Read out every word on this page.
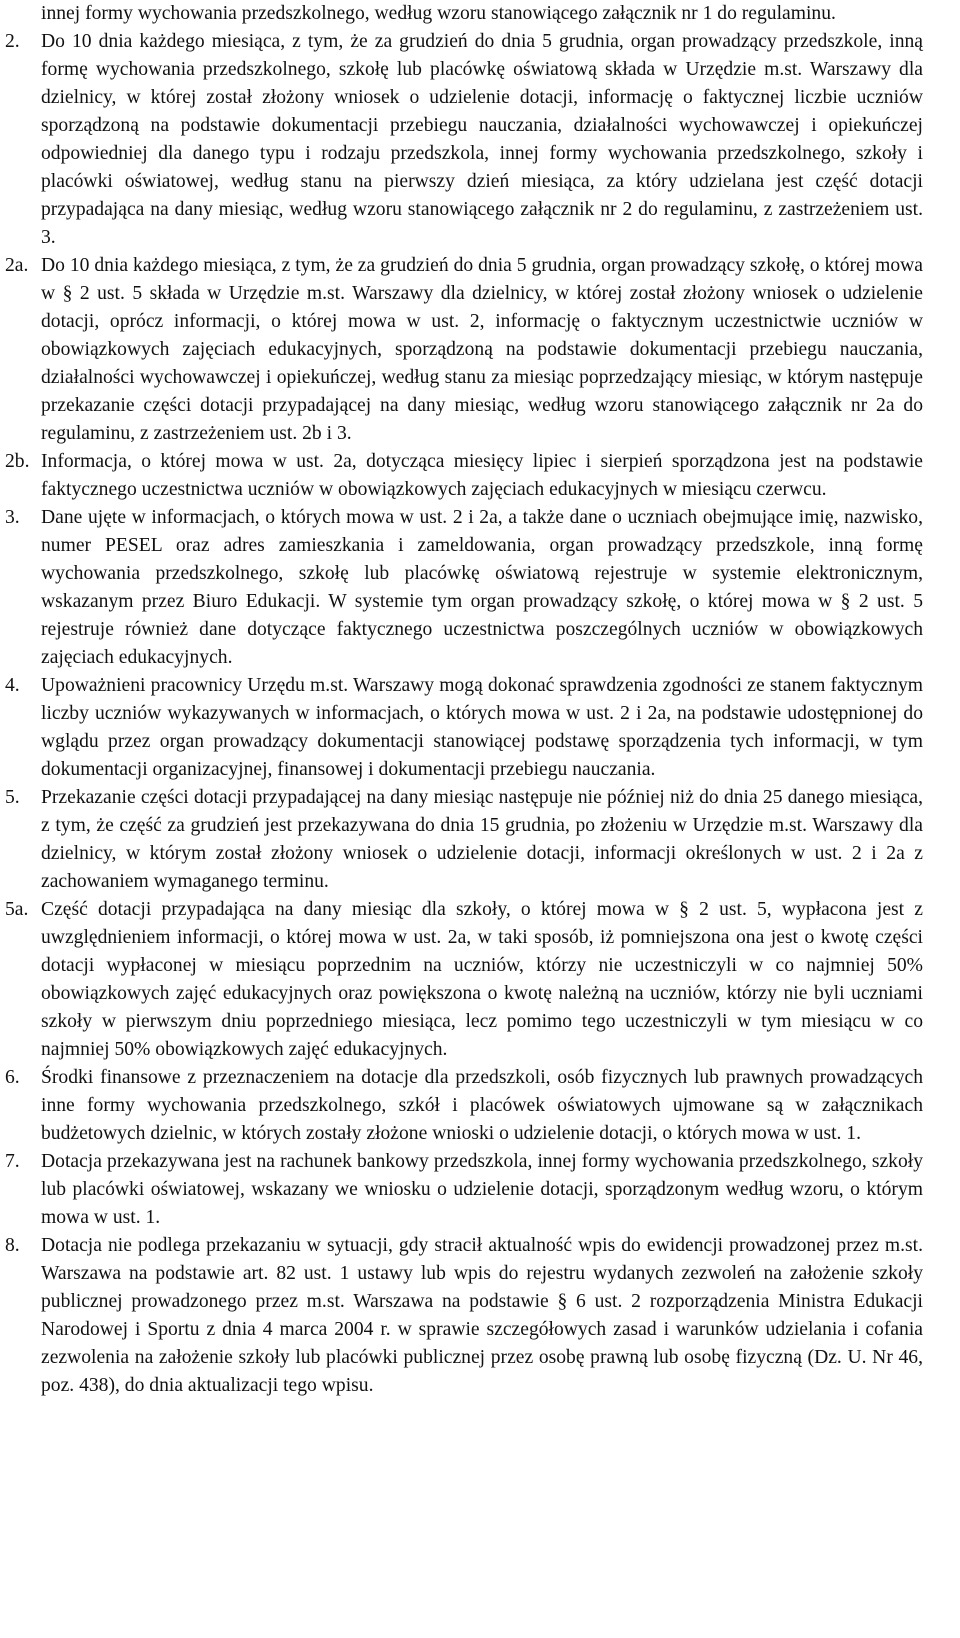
innej formy wychowania przedszkolnego, według wzoru stanowiącego załącznik nr 1 do regulaminu.
2.	Do 10 dnia każdego miesiąca, z tym, że za grudzień do dnia 5 grudnia, organ prowadzący przedszkole, inną formę wychowania przedszkolnego, szkołę lub placówkę oświatową składa w Urzędzie m.st. Warszawy dla dzielnicy, w której został złożony wniosek o udzielenie dotacji, informację o faktycznej liczbie uczniów sporządzoną na podstawie dokumentacji przebiegu nauczania, działalności wychowawczej i opiekuńczej odpowiedniej dla danego typu i rodzaju przedszkola, innej formy wychowania przedszkolnego, szkoły i placówki oświatowej, według stanu na pierwszy dzień miesiąca, za który udzielana jest część dotacji przypadająca na dany miesiąc, według wzoru stanowiącego załącznik nr 2 do regulaminu, z zastrzeżeniem ust. 3.
2a. Do 10 dnia każdego miesiąca, z tym, że za grudzień do dnia 5 grudnia, organ prowadzący szkołę, o której mowa w § 2 ust. 5 składa w Urzędzie m.st. Warszawy dla dzielnicy, w której został złożony wniosek o udzielenie dotacji, oprócz informacji, o której mowa w ust. 2, informację o faktycznym uczestnictwie uczniów w obowiązkowych zajęciach edukacyjnych, sporządzoną na podstawie dokumentacji przebiegu nauczania, działalności wychowawczej i opiekuńczej, według stanu za miesiąc poprzedzający miesiąc, w którym następuje przekazanie części dotacji przypadającej na dany miesiąc, według wzoru stanowiącego załącznik nr 2a do regulaminu, z zastrzeżeniem ust. 2b i 3.
2b. Informacja, o której mowa w ust. 2a, dotycząca miesięcy lipiec i sierpień sporządzona jest na podstawie faktycznego uczestnictwa uczniów w obowiązkowych zajęciach edukacyjnych w miesiącu czerwcu.
3.	Dane ujęte w informacjach, o których mowa w ust. 2 i 2a, a także dane o uczniach obejmujące imię, nazwisko, numer PESEL oraz adres zamieszkania i zameldowania, organ prowadzący przedszkole, inną formę wychowania przedszkolnego, szkołę lub placówkę oświatową rejestruje w systemie elektronicznym, wskazanym przez Biuro Edukacji. W systemie tym organ prowadzący szkołę, o której mowa w § 2 ust. 5 rejestruje również dane dotyczące faktycznego uczestnictwa poszczególnych uczniów w obowiązkowych zajęciach edukacyjnych.
4.	Upoważnieni pracownicy Urzędu m.st. Warszawy mogą dokonać sprawdzenia zgodności ze stanem faktycznym liczby uczniów wykazywanych w informacjach, o których mowa w ust. 2 i 2a, na podstawie udostępnionej do wglądu przez organ prowadzący dokumentacji stanowiącej podstawę sporządzenia tych informacji, w tym dokumentacji organizacyjnej, finansowej i dokumentacji przebiegu nauczania.
5.	Przekazanie części dotacji przypadającej na dany miesiąc następuje nie później niż do dnia 25 danego miesiąca, z tym, że część za grudzień jest przekazywana do dnia 15 grudnia, po złożeniu w Urzędzie m.st. Warszawy dla dzielnicy, w którym został złożony wniosek o udzielenie dotacji, informacji określonych w ust. 2 i 2a z zachowaniem wymaganego terminu.
5a. Część dotacji przypadająca na dany miesiąc dla szkoły, o której mowa w § 2 ust. 5, wypłacona jest z uwzględnieniem informacji, o której mowa w ust. 2a, w taki sposób, iż pomniejszona ona jest o kwotę części dotacji wypłaconej w miesiącu poprzednim na uczniów, którzy nie uczestniczyli w co najmniej 50% obowiązkowych zajęć edukacyjnych oraz powiększona o kwotę należną na uczniów, którzy nie byli uczniami szkoły w pierwszym dniu poprzedniego miesiąca, lecz pomimo tego uczestniczyli w tym miesiącu w co najmniej 50% obowiązkowych zajęć edukacyjnych.
6.	Środki finansowe z przeznaczeniem na dotacje dla przedszkoli, osób fizycznych lub prawnych prowadzących inne formy wychowania przedszkolnego, szkół i placówek oświatowych ujmowane są w załącznikach budżetowych dzielnic, w których zostały złożone wnioski o udzielenie dotacji, o których mowa w ust. 1.
7.	Dotacja przekazywana jest na rachunek bankowy przedszkola, innej formy wychowania przedszkolnego, szkoły lub placówki oświatowej, wskazany we wniosku o udzielenie dotacji, sporządzonym według wzoru, o którym mowa w ust. 1.
8.	Dotacja nie podlega przekazaniu w sytuacji, gdy stracił aktualność wpis do ewidencji prowadzonej przez m.st. Warszawa na podstawie art. 82 ust. 1 ustawy lub wpis do rejestru wydanych zezwoleń na założenie szkoły publicznej prowadzonego przez m.st. Warszawa na podstawie § 6 ust. 2 rozporządzenia Ministra Edukacji Narodowej i Sportu z dnia 4 marca 2004 r. w sprawie szczegółowych zasad i warunków udzielania i cofania zezwolenia na założenie szkoły lub placówki publicznej przez osobę prawną lub osobę fizyczną (Dz. U. Nr 46, poz. 438), do dnia aktualizacji tego wpisu.
